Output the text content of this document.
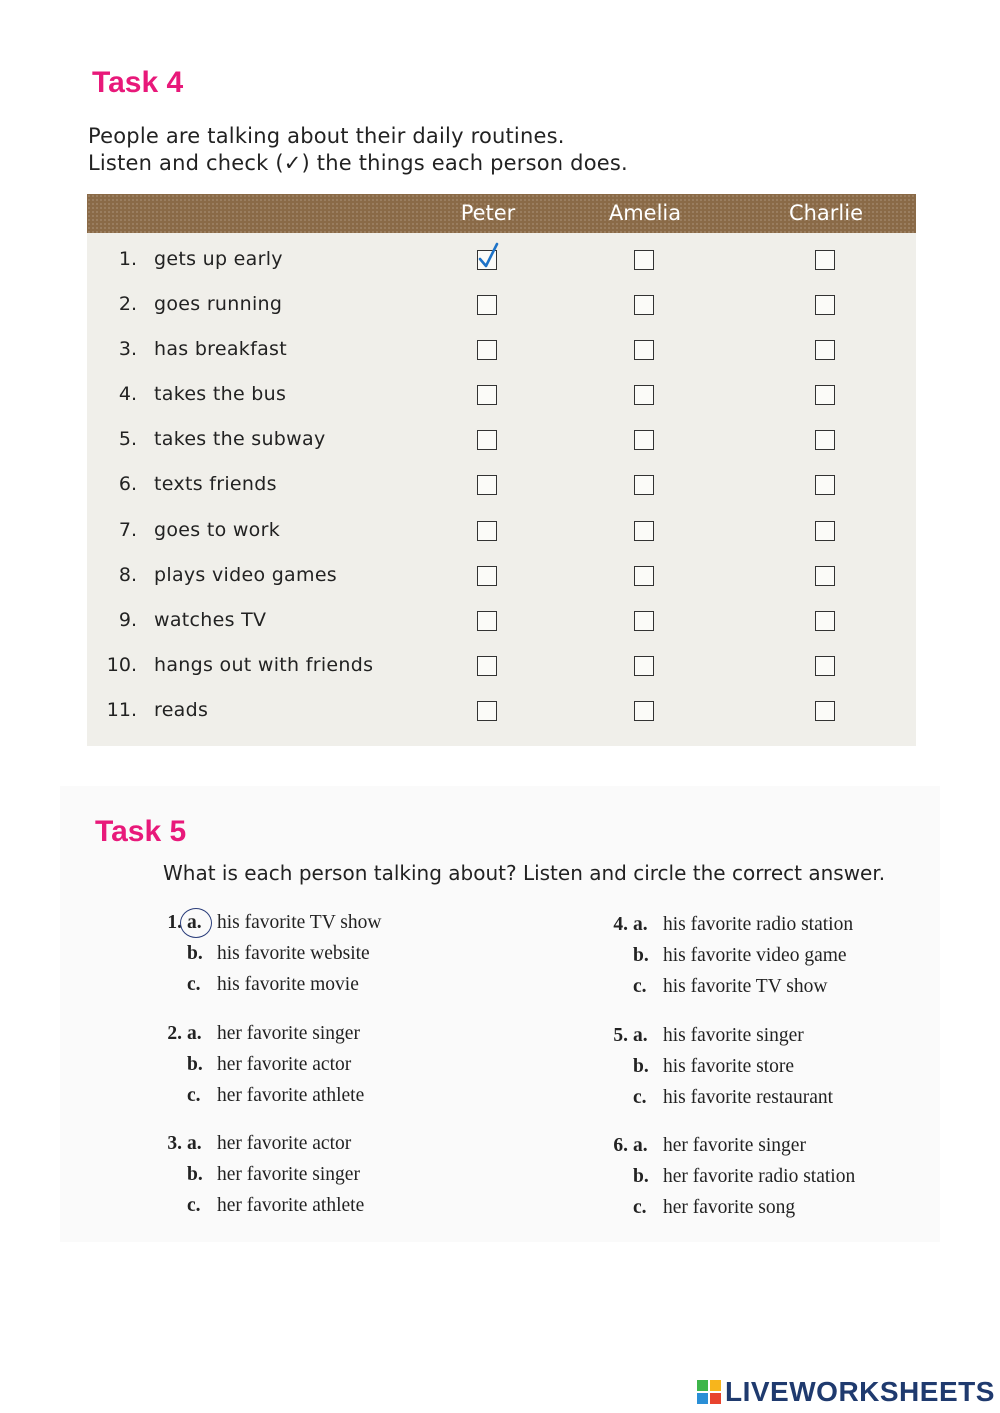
Task 4

People are talking about their daily routines.

Listen and check (✓) the things each person does.

Peter	Amelia	Charlie
1. gets up early
2. goes running
3. has breakfast
4. takes the bus
5. takes the subway
6. texts friends
7. goes to work
8. plays video games
9. watches TV
10. hangs out with friends
11. reads
Task 5

What is each person talking about? Listen and circle the correct answer.

1. a. his favorite TV show
b. his favorite website
c. his favorite movie
2. a. her favorite singer
b. her favorite actor
c. her favorite athlete
3. a. her favorite actor
b. her favorite singer
c. her favorite athlete
4. a. his favorite radio station
b. his favorite video game
c. his favorite TV show
5. a. his favorite singer
b. his favorite store
c. his favorite restaurant
6. a. her favorite singer
b. her favorite radio station
c. her favorite song
LIVEWORKSHEETS
